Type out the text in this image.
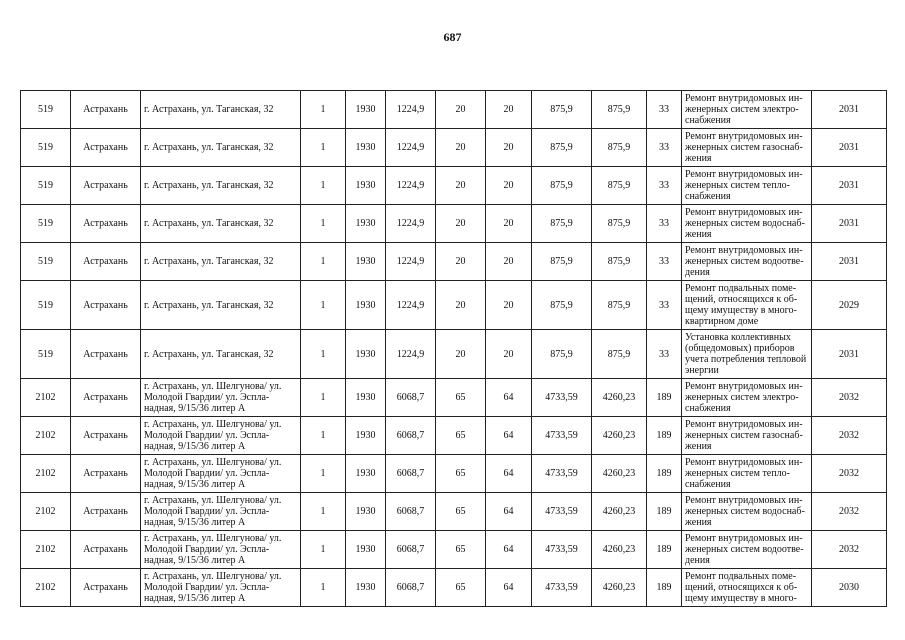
687
519	Астрахань	г. Астрахань, ул. Таганская, 32	1	1930	1224,9	20	20	875,9	875,9	33	Ремонт внутридомовых ин-женерных систем электро-снабжения	2031
519	Астрахань	г. Астрахань, ул. Таганская, 32	1	1930	1224,9	20	20	875,9	875,9	33	Ремонт внутридомовых ин-женерных систем газоснаб-жения	2031
519	Астрахань	г. Астрахань, ул. Таганская, 32	1	1930	1224,9	20	20	875,9	875,9	33	Ремонт внутридомовых ин-женерных систем тепло-снабжения	2031
519	Астрахань	г. Астрахань, ул. Таганская, 32	1	1930	1224,9	20	20	875,9	875,9	33	Ремонт внутридомовых ин-женерных систем водоснаб-жения	2031
519	Астрахань	г. Астрахань, ул. Таганская, 32	1	1930	1224,9	20	20	875,9	875,9	33	Ремонт внутридомовых ин-женерных систем водоотве-дения	2031
519	Астрахань	г. Астрахань, ул. Таганская, 32	1	1930	1224,9	20	20	875,9	875,9	33	Ремонт подвальных поме-щений, относящихся к об-щему имуществу в много-квартирном доме	2029
519	Астрахань	г. Астрахань, ул. Таганская, 32	1	1930	1224,9	20	20	875,9	875,9	33	Установка коллективных (общедомовых) приборов учета потребления тепловой энергии	2031
2102	Астрахань	г. Астрахань, ул. Шелгунова/ ул. Молодой Гвардии/ ул. Эспла-надная, 9/15/36 литер А	1	1930	6068,7	65	64	4733,59	4260,23	189	Ремонт внутридомовых ин-женерных систем электро-снабжения	2032
2102	Астрахань	г. Астрахань, ул. Шелгунова/ ул. Молодой Гвардии/ ул. Эспла-надная, 9/15/36 литер А	1	1930	6068,7	65	64	4733,59	4260,23	189	Ремонт внутридомовых ин-женерных систем газоснаб-жения	2032
2102	Астрахань	г. Астрахань, ул. Шелгунова/ ул. Молодой Гвардии/ ул. Эспла-надная, 9/15/36 литер А	1	1930	6068,7	65	64	4733,59	4260,23	189	Ремонт внутридомовых ин-женерных систем тепло-снабжения	2032
2102	Астрахань	г. Астрахань, ул. Шелгунова/ ул. Молодой Гвардии/ ул. Эспла-надная, 9/15/36 литер А	1	1930	6068,7	65	64	4733,59	4260,23	189	Ремонт внутридомовых ин-женерных систем водоснаб-жения	2032
2102	Астрахань	г. Астрахань, ул. Шелгунова/ ул. Молодой Гвардии/ ул. Эспла-надная, 9/15/36 литер А	1	1930	6068,7	65	64	4733,59	4260,23	189	Ремонт внутридомовых ин-женерных систем водоотве-дения	2032
2102	Астрахань	г. Астрахань, ул. Шелгунова/ ул. Молодой Гвардии/ ул. Эспла-надная, 9/15/36 литер А	1	1930	6068,7	65	64	4733,59	4260,23	189	Ремонт подвальных поме-щений, относящихся к об-щему имуществу в много-	2030
